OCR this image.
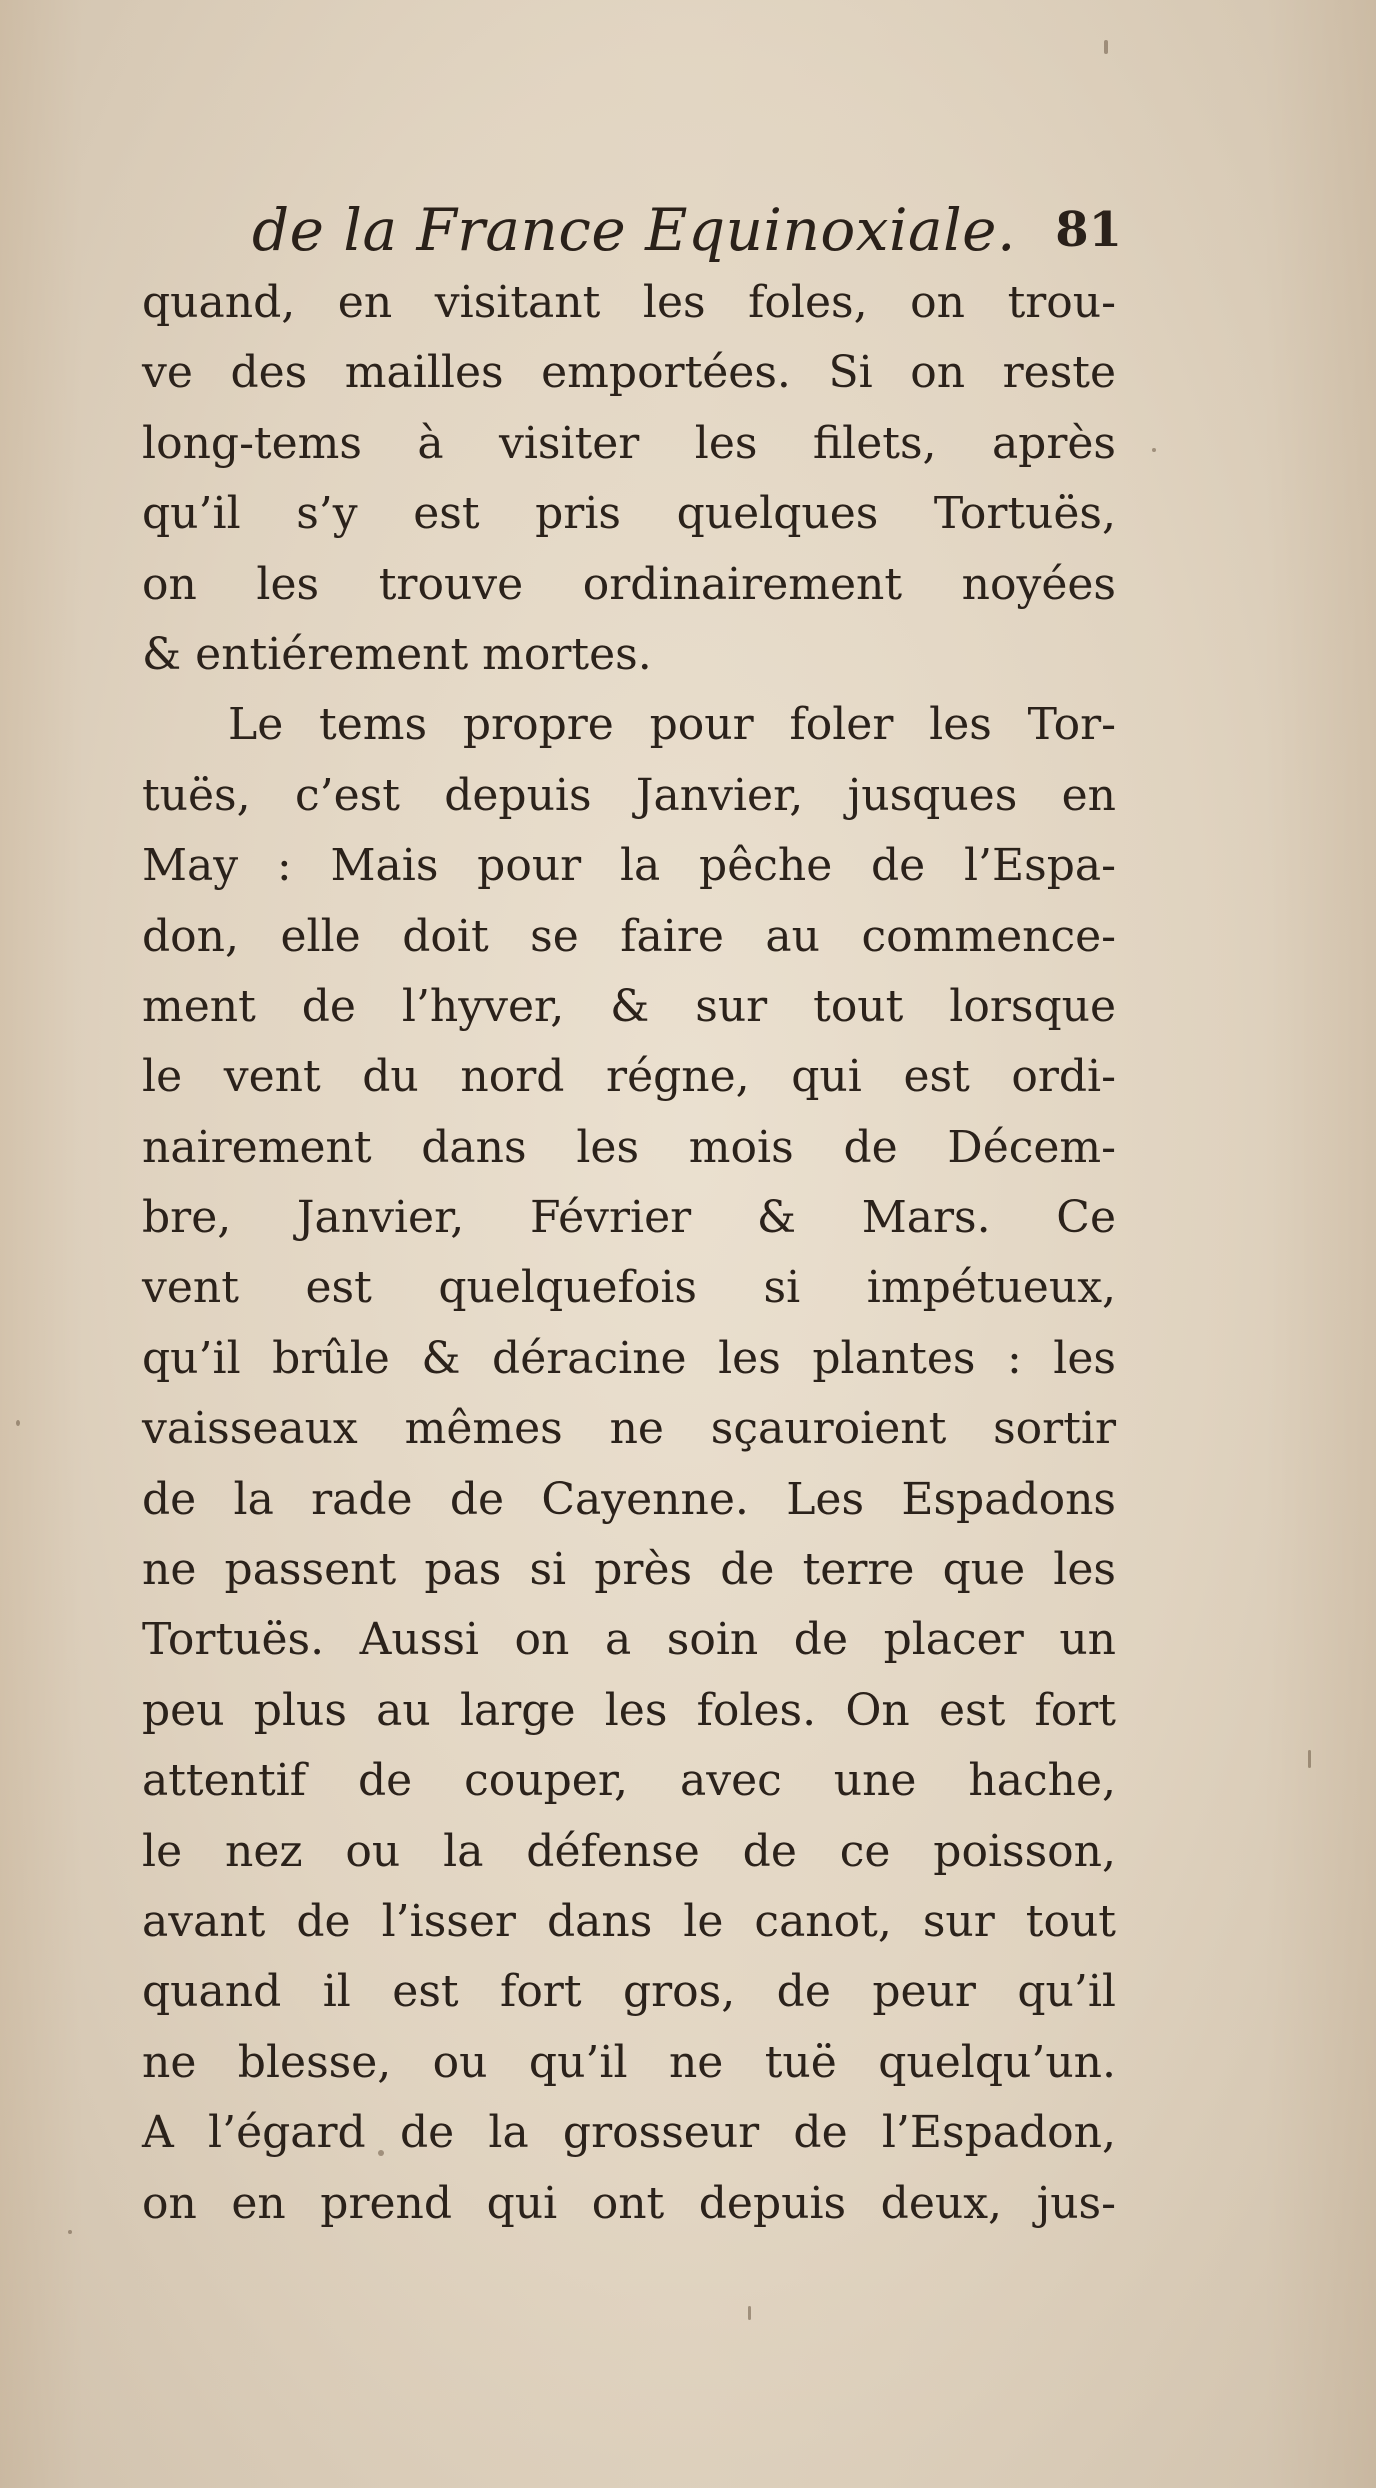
de la France Equinoxiale. 81
quand, en visitant les foles, on trou-
ve des mailles emportées. Si on reste
long-tems à visiter les filets, après
qu’il s’y est pris quelques Tortuës,
on les trouve ordinairement noyées
& entiérement mortes.
Le tems propre pour foler les Tor-
tuës, c’est depuis Janvier, jusques en
May : Mais pour la pêche de l’Espa-
don, elle doit se faire au commence-
ment de l’hyver, & sur tout lorsque
le vent du nord régne, qui est ordi-
nairement dans les mois de Décem-
bre, Janvier, Février & Mars. Ce
vent est quelquefois si impétueux,
qu’il brûle & déracine les plantes : les
vaisseaux mêmes ne sçauroient sortir
de la rade de Cayenne. Les Espadons
ne passent pas si près de terre que les
Tortuës. Aussi on a soin de placer un
peu plus au large les foles. On est fort
attentif de couper, avec une hache,
le nez ou la défense de ce poisson,
avant de l’isser dans le canot, sur tout
quand il est fort gros, de peur qu’il
ne blesse, ou qu’il ne tuë quelqu’un.
A l’égard de la grosseur de l’Espadon,
on en prend qui ont depuis deux, jus-
